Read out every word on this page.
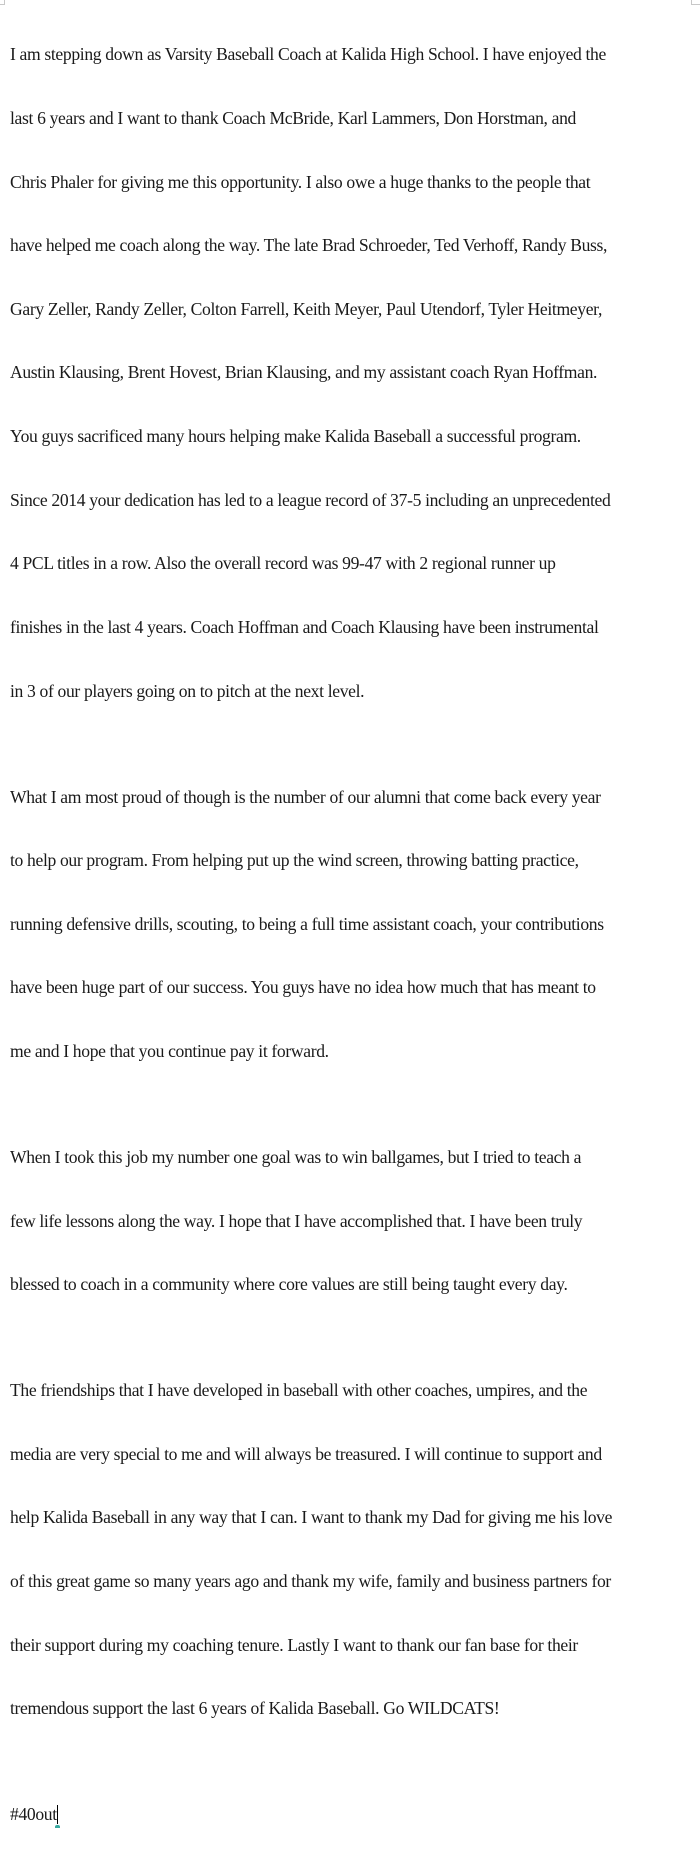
I am stepping down as Varsity Baseball Coach at Kalida High School. I have enjoyed the

last 6 years and I want to thank Coach McBride, Karl Lammers, Don Horstman, and

Chris Phaler for giving me this opportunity. I also owe a huge thanks to the people that

have helped me coach along the way. The late Brad Schroeder, Ted Verhoff, Randy Buss,

Gary Zeller, Randy Zeller, Colton Farrell, Keith Meyer, Paul Utendorf, Tyler Heitmeyer,

Austin Klausing, Brent Hovest, Brian Klausing, and my assistant coach Ryan Hoffman.

You guys sacrificed many hours helping make Kalida Baseball a successful program.

Since 2014 your dedication has led to a league record of 37-5 including an unprecedented

4 PCL titles in a row. Also the overall record was 99-47 with 2 regional runner up

finishes in the last 4 years. Coach Hoffman and Coach Klausing have been instrumental

in 3 of our players going on to pitch at the next level.

What I am most proud of though is the number of our alumni that come back every year

to help our program. From helping put up the wind screen, throwing batting practice,

running defensive drills, scouting, to being a full time assistant coach, your contributions

have been huge part of our success. You guys have no idea how much that has meant to

me and I hope that you continue pay it forward.

When I took this job my number one goal was to win ballgames, but I tried to teach a

few life lessons along the way. I hope that I have accomplished that. I have been truly

blessed to coach in a community where core values are still being taught every day.

The friendships that I have developed in baseball with other coaches, umpires, and the

media are very special to me and will always be treasured. I will continue to support and

help Kalida Baseball in any way that I can. I want to thank my Dad for giving me his love

of this great game so many years ago and thank my wife, family and business partners for

their support during my coaching tenure. Lastly I want to thank our fan base for their

tremendous support the last 6 years of Kalida Baseball. Go WILDCATS!

#40out
